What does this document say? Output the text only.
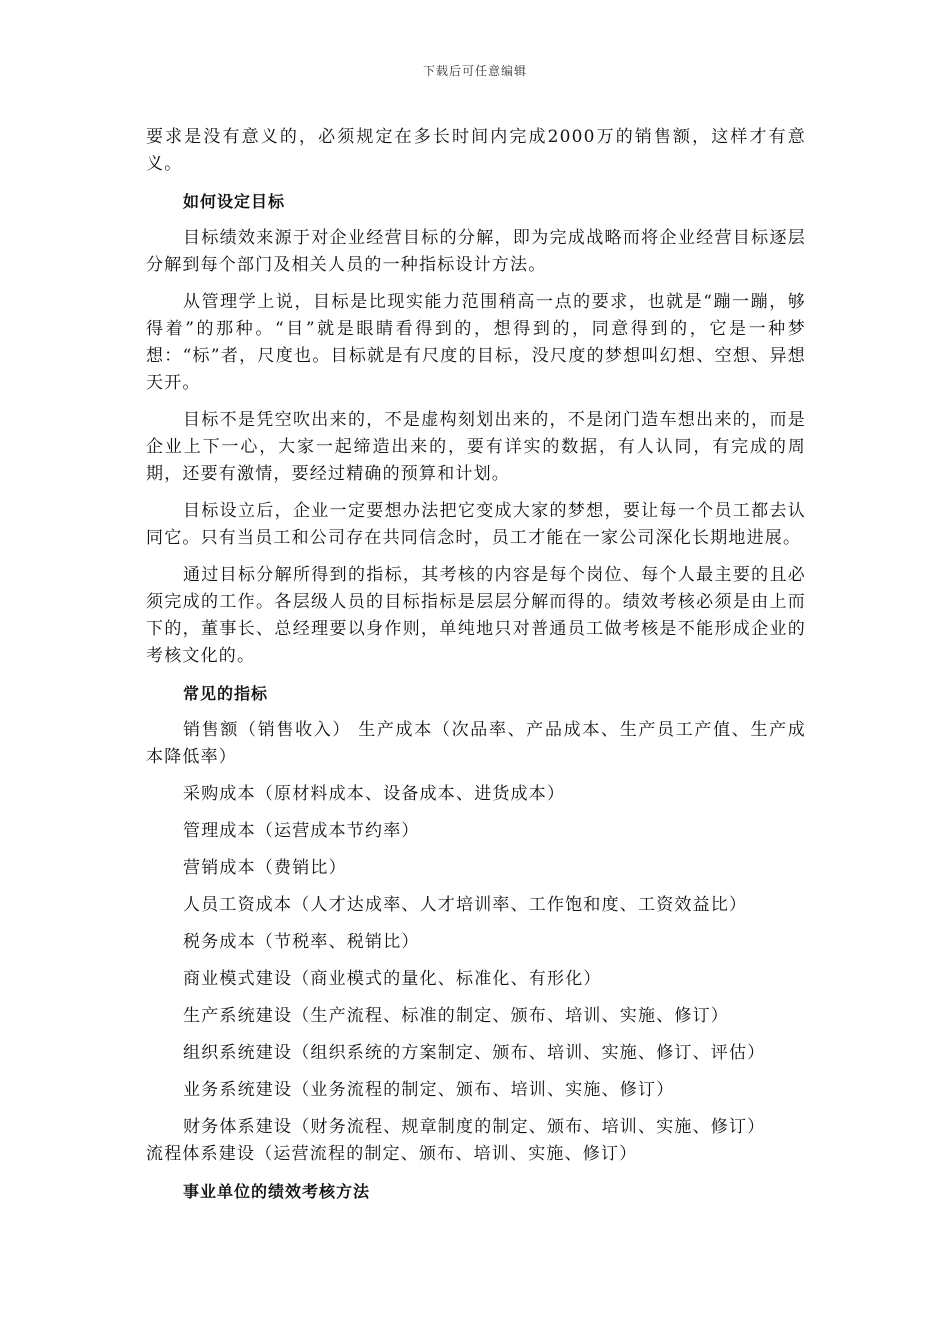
下载后可任意编辑

要求是没有意义的，必须规定在多长时间内完成2000万的销售额，这样才有意义。

如何设定目标

目标绩效来源于对企业经营目标的分解，即为完成战略而将企业经营目标逐层分解到每个部门及相关人员的一种指标设计方法。

从管理学上说，目标是比现实能力范围稍高一点的要求，也就是“蹦一蹦，够得着”的那种。“目”就是眼睛看得到的，想得到的，同意得到的，它是一种梦想：“标”者，尺度也。目标就是有尺度的目标，没尺度的梦想叫幻想、空想、异想天开。

目标不是凭空吹出来的，不是虚构刻划出来的，不是闭门造车想出来的，而是企业上下一心，大家一起缔造出来的，要有详实的数据，有人认同，有完成的周期，还要有激情，要经过精确的预算和计划。

目标设立后，企业一定要想办法把它变成大家的梦想，要让每一个员工都去认同它。只有当员工和公司存在共同信念时，员工才能在一家公司深化长期地进展。

通过目标分解所得到的指标，其考核的内容是每个岗位、每个人最主要的且必须完成的工作。各层级人员的目标指标是层层分解而得的。绩效考核必须是由上而下的，董事长、总经理要以身作则，单纯地只对普通员工做考核是不能形成企业的考核文化的。

常见的指标

销售额（销售收入） 生产成本（次品率、产品成本、生产员工产值、生产成本降低率）

采购成本（原材料成本、设备成本、进货成本）

管理成本（运营成本节约率）

营销成本（费销比）

人员工资成本（人才达成率、人才培训率、工作饱和度、工资效益比）

税务成本（节税率、税销比）

商业模式建设（商业模式的量化、标准化、有形化）

生产系统建设（生产流程、标准的制定、颁布、培训、实施、修订）

组织系统建设（组织系统的方案制定、颁布、培训、实施、修订、评估）

业务系统建设（业务流程的制定、颁布、培训、实施、修订）

财务体系建设（财务流程、规章制度的制定、颁布、培训、实施、修订）

流程体系建设（运营流程的制定、颁布、培训、实施、修订）

事业单位的绩效考核方法
